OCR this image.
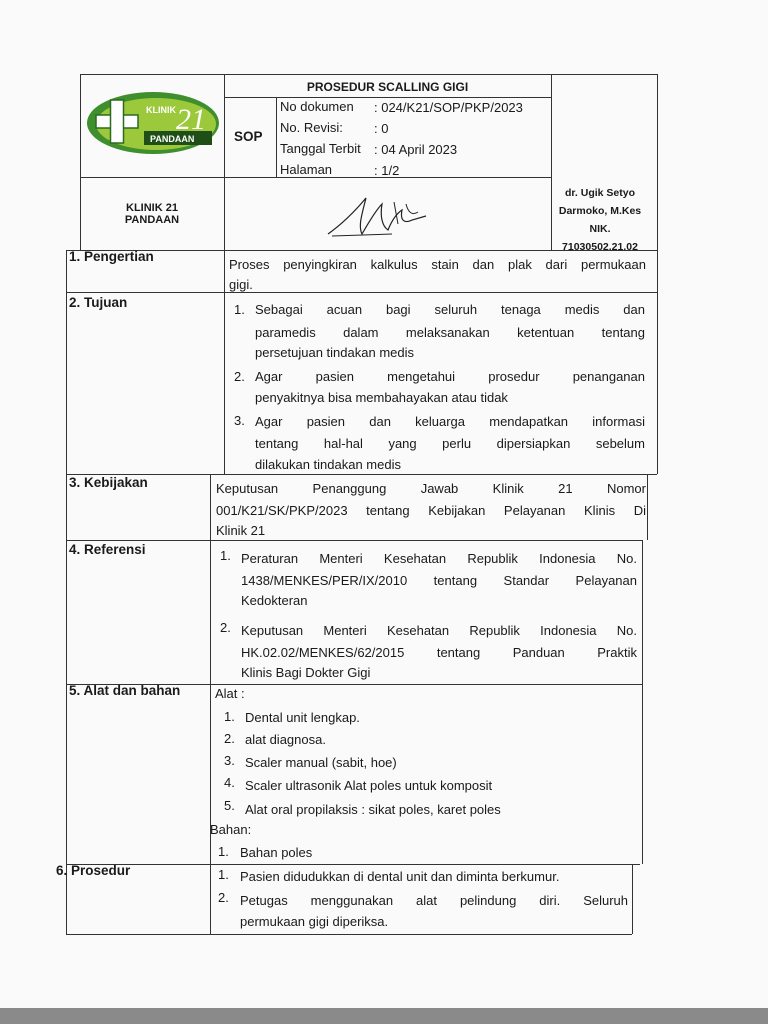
KLINIK 21
PANDAAN
PROSEDUR SCALLING GIGI
SOP
No dokumen : 024/K21/SOP/PKP/2023
No. Revisi: : 0
Tanggal Terbit : 04 April 2023
Halaman	: 1/2
KLINIK 21
PANDAAN
dr. Ugik Setyo
Darmoko, M.Kes
NIK.
71030502.21.02
1. Pengertian
Proses penyingkiran kalkulus stain dan plak dari permukaan
gigi.
2. Tujuan	1. Sebagai acuan bagi seluruh tenaga medis dan
paramedis dalam melaksanakan ketentuan tentang
persetujuan tindakan medis
2. Agar pasien mengetahui prosedur penanganan
penyakitnya bisa membahayakan atau tidak
3. Agar pasien dan keluarga mendapatkan informasi
tentang hal-hal yang perlu dipersiapkan sebelum
dilakukan tindakan medis
3. Kebijakan	Keputusan Penanggung Jawab Klinik 21 Nomor
001/K21/SK/PKP/2023 tentang Kebijakan Pelayanan Klinis Di
Klinik 21
4. Referensi	1. Peraturan Menteri Kesehatan Republik Indonesia No.
1438/MENKES/PER/IX/2010 tentang Standar Pelayanan
Kedokteran
2. Keputusan Menteri Kesehatan Republik Indonesia No.
HK.02.02/MENKES/62/2015 tentang Panduan Praktik
Klinis Bagi Dokter Gigi
5. Alat dan bahan	Alat :
1. Dental unit lengkap.
2. alat diagnosa.
3. Scaler manual (sabit, hoe)
4. Scaler ultrasonik Alat poles untuk komposit
5. Alat oral propilaksis : sikat poles, karet poles
Bahan:
1. Bahan poles
6. Prosedur	1. Pasien didudukkan di dental unit dan diminta berkumur.
2. Petugas menggunakan alat pelindung diri. Seluruh
permukaan gigi diperiksa.
